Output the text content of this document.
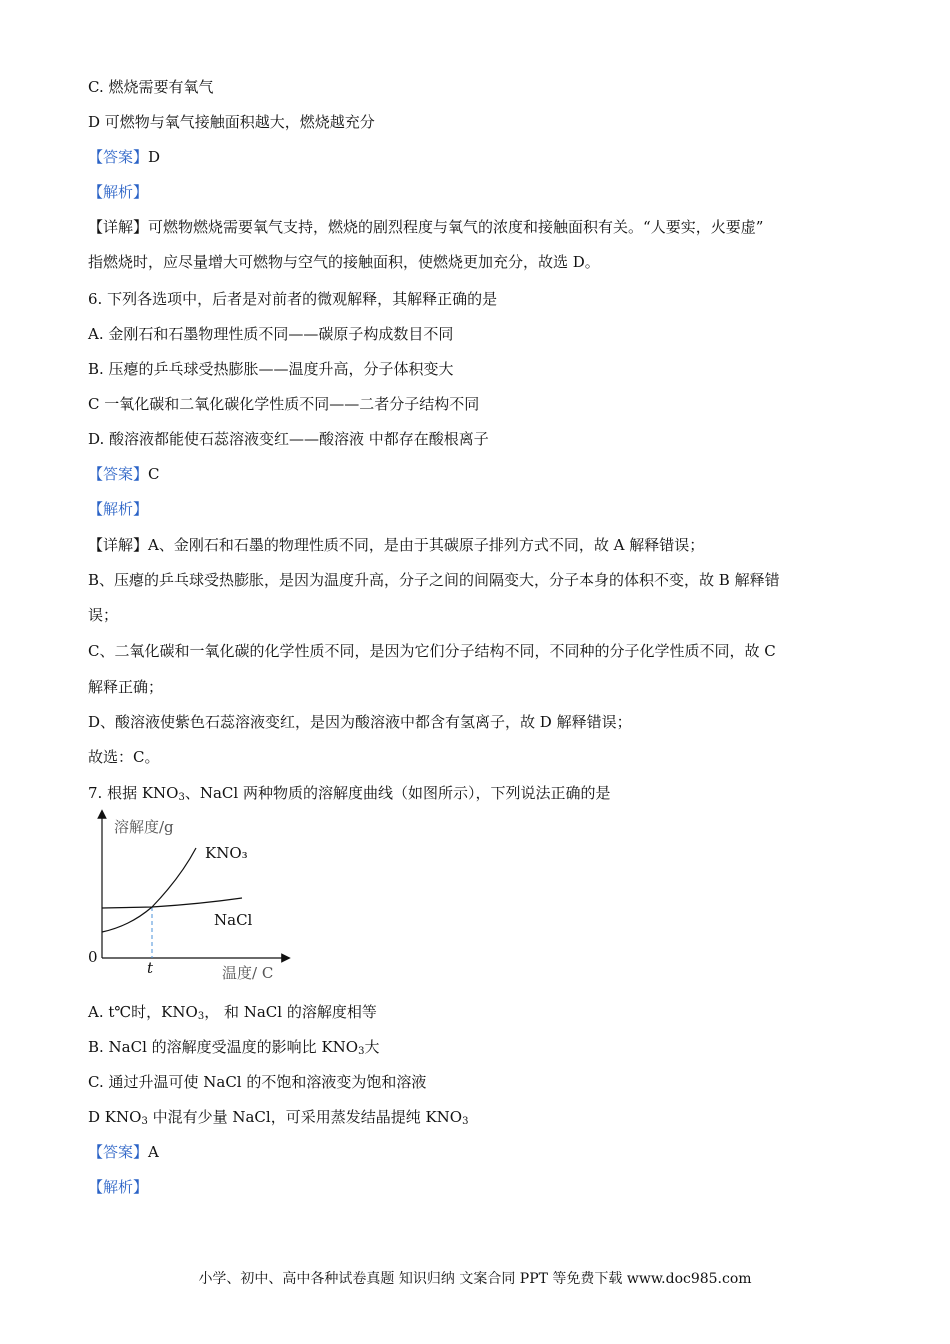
C. 燃烧需要有氧气
D 可燃物与氧气接触面积越大，燃烧越充分
【答案】D
【解析】
【详解】可燃物燃烧需要氧气支持，燃烧的剧烈程度与氧气的浓度和接触面积有关。“人要实，火要虚”
指燃烧时，应尽量增大可燃物与空气的接触面积，使燃烧更加充分，故选 D。
6. 下列各选项中，后者是对前者的微观解释，其解释正确的是
A. 金刚石和石墨物理性质不同——碳原子构成数目不同
B. 压瘪的乒乓球受热膨胀——温度升高，分子体积变大
C 一氧化碳和二氧化碳化学性质不同——二者分子结构不同
D. 酸溶液都能使石蕊溶液变红——酸溶液 中都存在酸根离子
【答案】C
【解析】
【详解】A、金刚石和石墨的物理性质不同，是由于其碳原子排列方式不同，故 A 解释错误；
B、压瘪的乒乓球受热膨胀，是因为温度升高，分子之间的间隔变大，分子本身的体积不变，故 B 解释错
误；
C、二氧化碳和一氧化碳的化学性质不同，是因为它们分子结构不同，不同种的分子化学性质不同，故 C
解释正确；
D、酸溶液使紫色石蕊溶液变红，是因为酸溶液中都含有氢离子，故 D 解释错误；
故选：C。
7. 根据 $KNO_3$、NaCl 两种物质的溶解度曲线（如图所示），下列说法正确的是
溶解度/g
温度/ C
0
t
KNO₃
NaCl
A. t℃时，$KNO_3$， 和 NaCl 的溶解度相等
B. NaCl 的溶解度受温度的影响比 $KNO_3$大
C. 通过升温可使 NaCl 的不饱和溶液变为饱和溶液
D $KNO_3$ 中混有少量 NaCl，可采用蒸发结晶提纯 $KNO_3$
【答案】A
【解析】
小学、初中、高中各种试卷真题 知识归纳 文案合同 PPT 等免费下载 www.doc985.com
